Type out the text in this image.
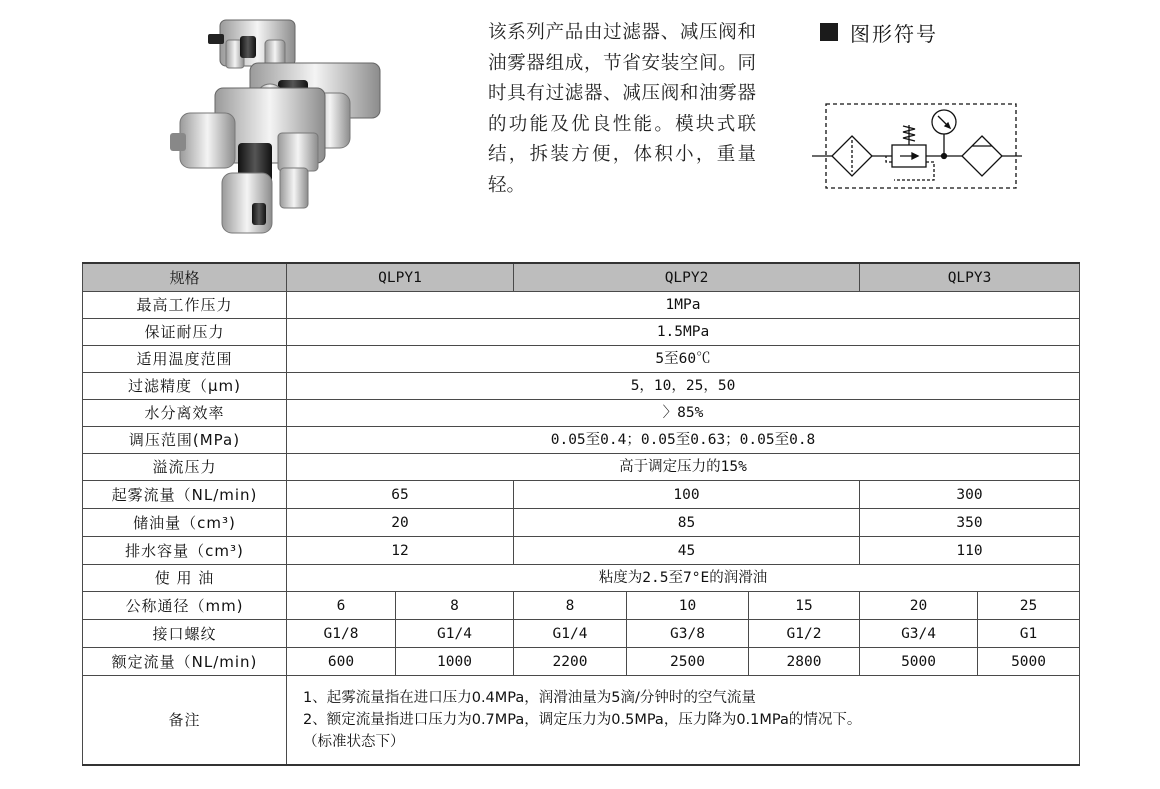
该系列产品由过滤器、减压阀和油雾器组成，节省安装空间。同时具有过滤器、减压阀和油雾器的功能及优良性能。模块式联结，拆装方便，体积小，重量轻。
图形符号
规格	QLPY1		QLPY2			QLPY3	
最高工作压力	1MPa						
保证耐压力	1.5MPa						
适用温度范围	5至60℃						
过滤精度（μm)	5，10，25，50						
水分离效率	〉85%						
调压范围(MPa)	0.05至0.4；0.05至0.63；0.05至0.8						
溢流压力	高于调定压力的15%						
起雾流量（NL/min)	65		100			300	
储油量（cm³)	20		85			350	
排水容量（cm³)	12		45			110	
使 用 油	粘度为2.5至7°E的润滑油						
公称通径（mm)	6	8	8	10	15	20	25
接口螺纹	G1/8	G1/4	G1/4	G3/8	G1/2	G3/4	G1
额定流量（NL/min)	600	1000	2200	2500	2800	5000	5000
备注	1、起雾流量指在进口压力0.4MPa，润滑油量为5滴/分钟时的空气流量
2、额定流量指进口压力为0.7MPa，调定压力为0.5MPa，压力降为0.1MPa的情况下。
（标准状态下）						
